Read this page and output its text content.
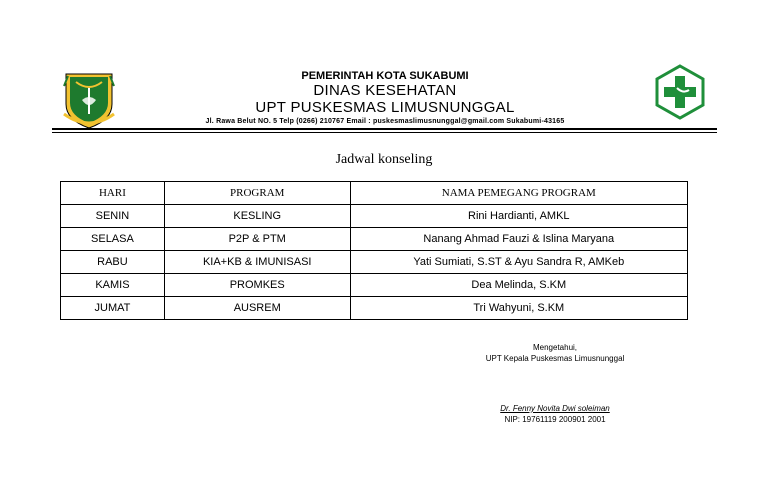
PEMERINTAH KOTA SUKABUMI
DINAS KESEHATAN
UPT PUSKESMAS LIMUSNUNGGAL
Jl. Rawa Belut NO. 5 Telp (0266) 210767 Email : puskesmaslimusnunggal@gmail.com Sukabumi-43165
Jadwal konseling
HARI	PROGRAM	NAMA PEMEGANG PROGRAM
SENIN	KESLING	Rini Hardianti, AMKL
SELASA	P2P & PTM	Nanang Ahmad Fauzi & Islina Maryana
RABU	KIA+KB & IMUNISASI	Yati Sumiati, S.ST & Ayu Sandra R, AMKeb
KAMIS	PROMKES	Dea Melinda, S.KM
JUMAT	AUSREM	Tri Wahyuni, S.KM
Mengetahui,
UPT Kepala Puskesmas Limusnunggal
Dr. Fenny Novita Dwi soleiman
NIP: 19761119 200901 2001
